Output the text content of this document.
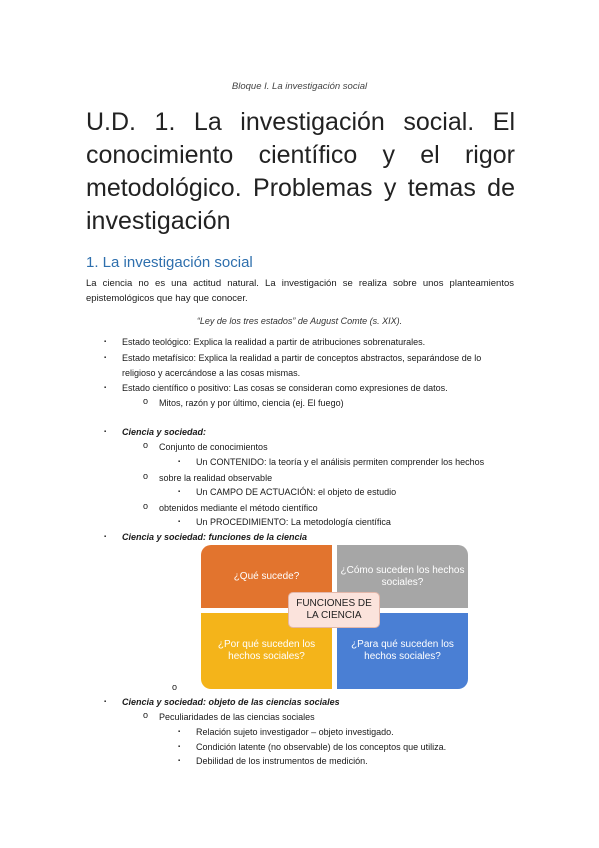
Bloque I. La investigación social
U.D. 1. La investigación social. El conocimiento científico y el rigor metodológico. Problemas y temas de investigación
1. La investigación social
La ciencia no es una actitud natural. La investigación se realiza sobre unos planteamientos epistemológicos que hay que conocer.
“Ley de los tres estados” de August Comte (s. XIX).
▪ Estado teológico: Explica la realidad a partir de atribuciones sobrenaturales.
▪ Estado metafísico: Explica la realidad a partir de conceptos abstractos, separándose de lo religioso y acercándose a las cosas mismas.
▪ Estado científico o positivo: Las cosas se consideran como expresiones de datos.
o Mitos, razón y por último, ciencia (ej. El fuego)
▪ Ciencia y sociedad:
o Conjunto de conocimientos
▪ Un CONTENIDO: la teoría y el análisis permiten comprender los hechos
o sobre la realidad observable
▪ Un CAMPO DE ACTUACIÓN: el objeto de estudio
o obtenidos mediante el método científico
▪ Un PROCEDIMIENTO: La metodología científica
▪ Ciencia y sociedad: funciones de la ciencia
¿Qué sucede?
¿Cómo suceden los hechos sociales?
¿Por qué suceden los hechos sociales?
¿Para qué suceden los hechos sociales?
FUNCIONES DE LA CIENCIA
o
▪ Ciencia y sociedad: objeto de las ciencias sociales
o Peculiaridades de las ciencias sociales
▪ Relación sujeto investigador – objeto investigado.
▪ Condición latente (no observable) de los conceptos que utiliza.
▪ Debilidad de los instrumentos de medición.
